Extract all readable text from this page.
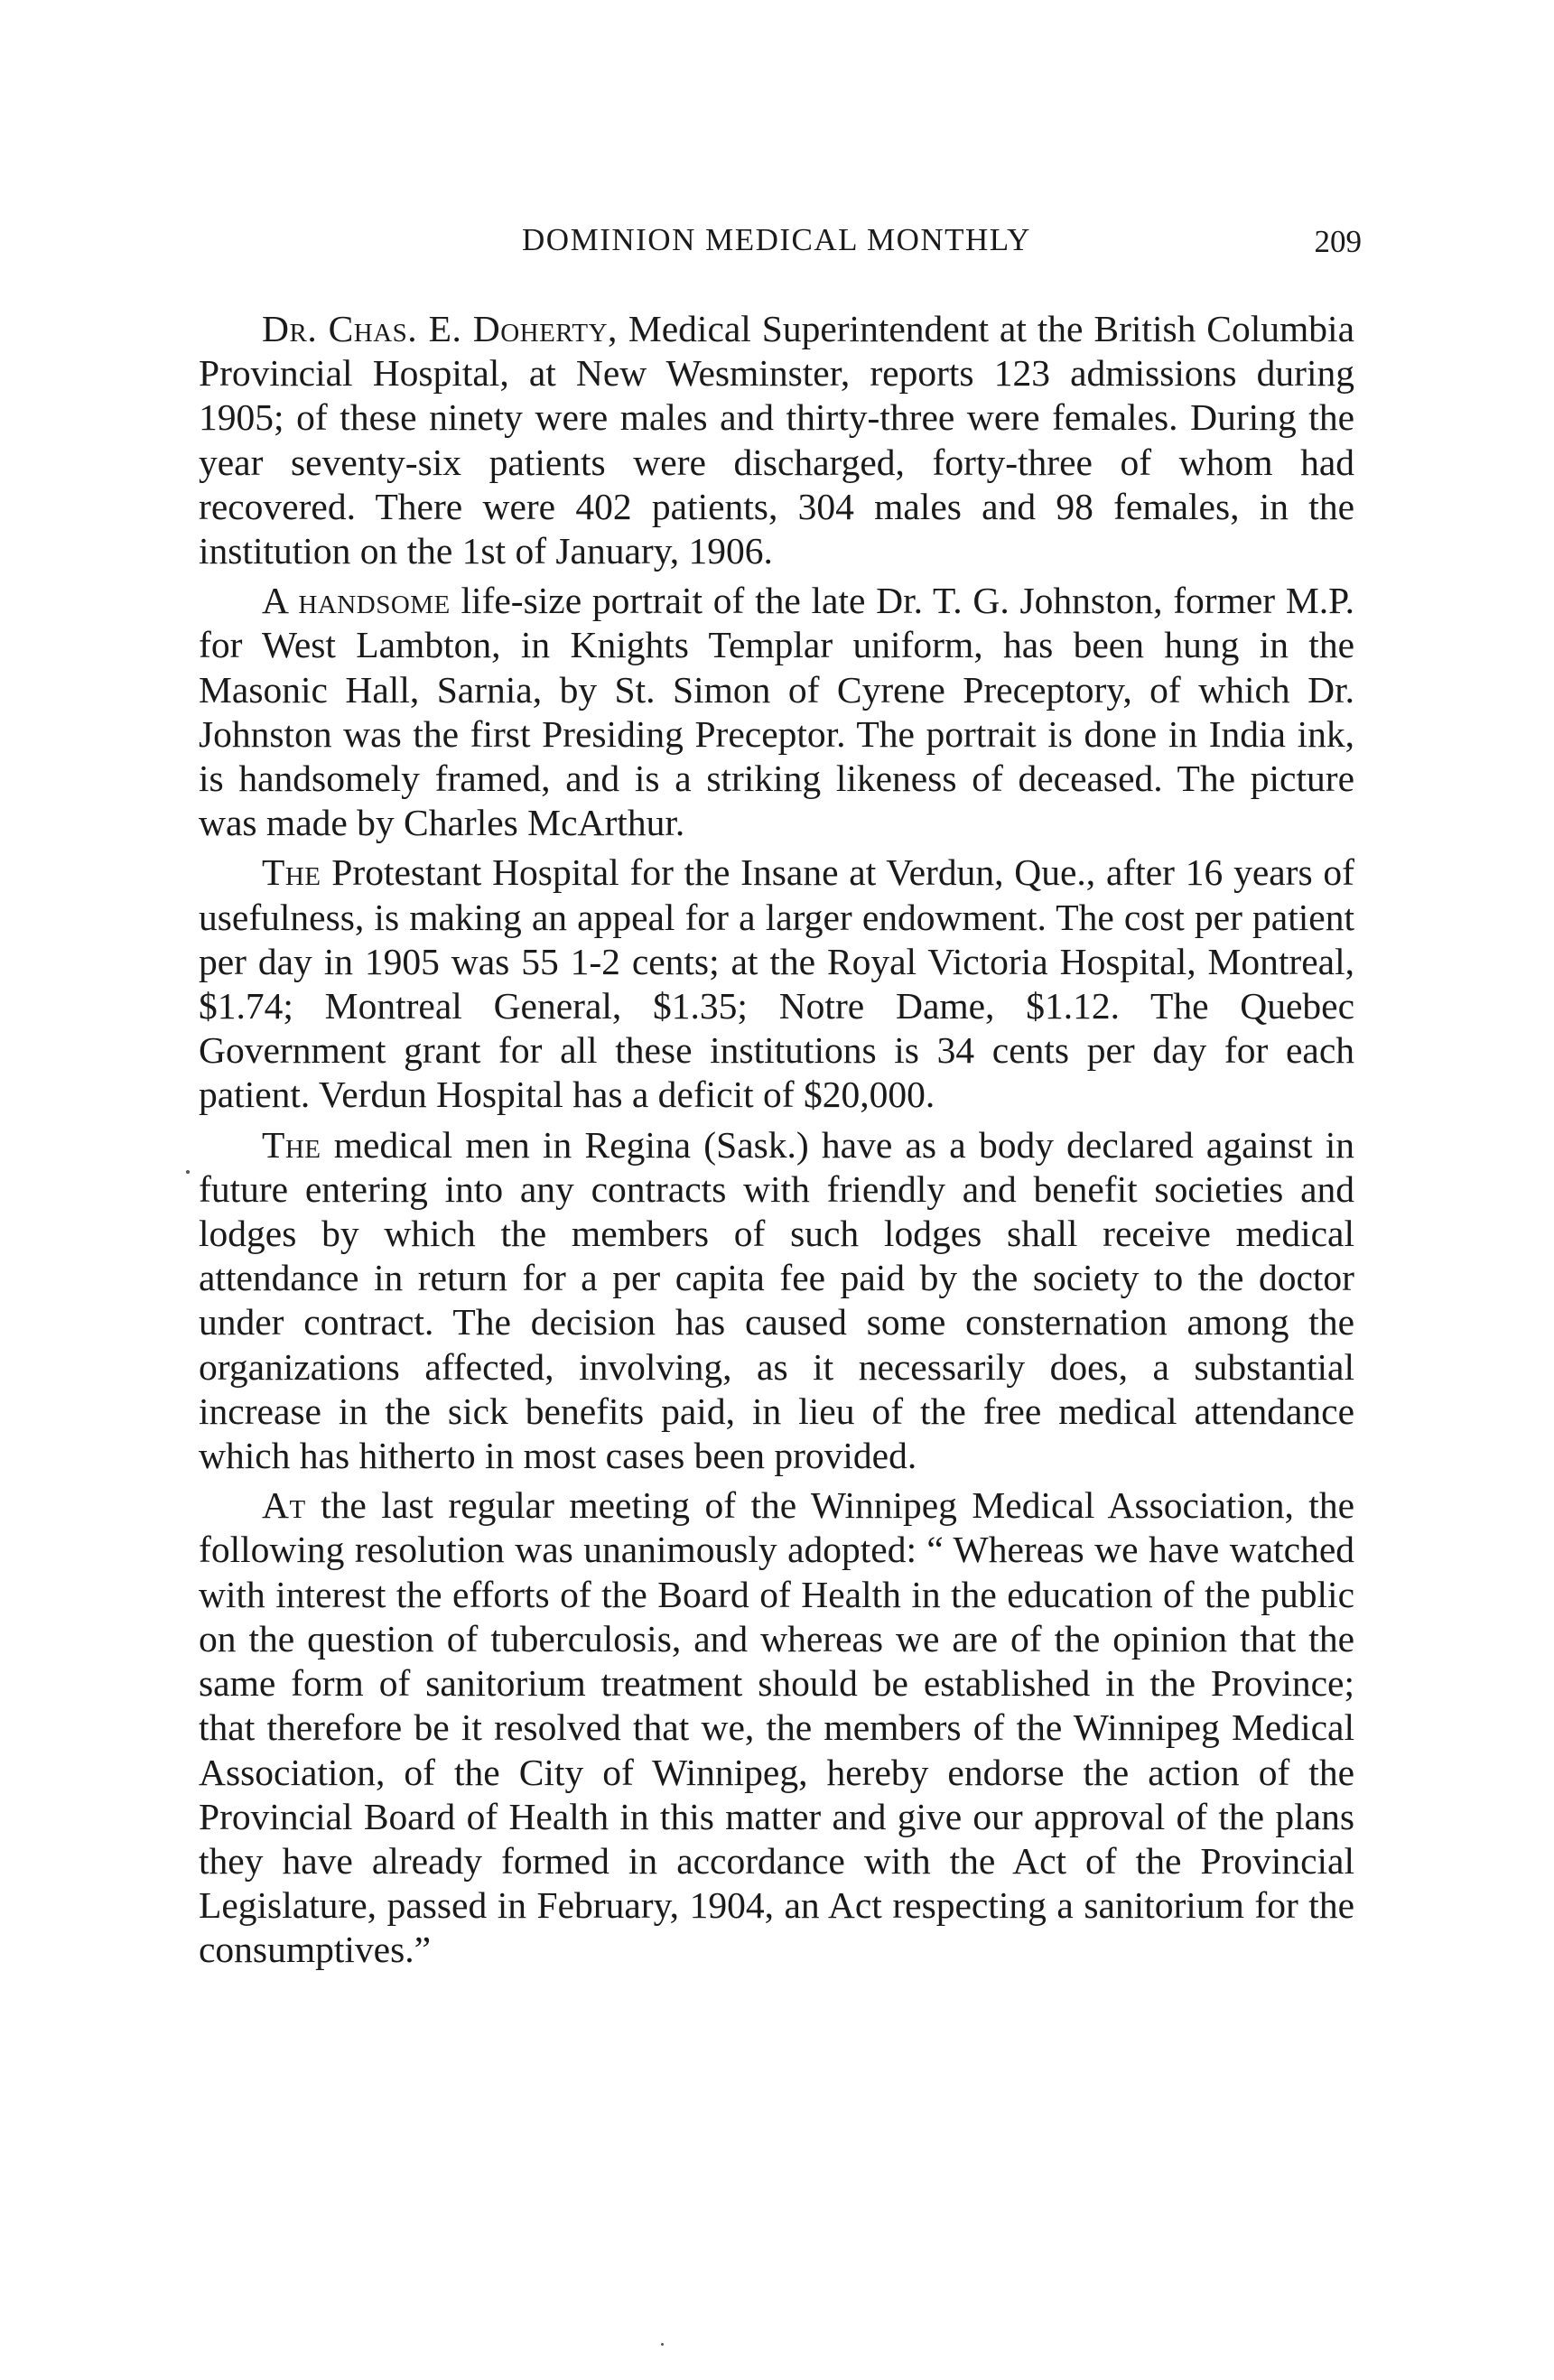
DOMINION MEDICAL MONTHLY	209

Dr. Chas. E. Doherty, Medical Superintendent at the British Columbia Provincial Hospital, at New Wesminster, reports 123 admissions during 1905; of these ninety were males and thirty-three were females. During the year seventy-six patients were discharged, forty-three of whom had recovered. There were 402 patients, 304 males and 98 females, in the institution on the 1st of January, 1906.

A handsome life-size portrait of the late Dr. T. G. Johnston, former M.P. for West Lambton, in Knights Templar uniform, has been hung in the Masonic Hall, Sarnia, by St. Simon of Cyrene Preceptory, of which Dr. Johnston was the first Presiding Preceptor. The portrait is done in India ink, is handsomely framed, and is a striking likeness of deceased. The picture was made by Charles McArthur.

The Protestant Hospital for the Insane at Verdun, Que., after 16 years of usefulness, is making an appeal for a larger endowment. The cost per patient per day in 1905 was 55 1-2 cents; at the Royal Victoria Hospital, Montreal, $1.74; Montreal General, $1.35; Notre Dame, $1.12. The Quebec Government grant for all these institutions is 34 cents per day for each patient. Verdun Hospital has a deficit of $20,000.

The medical men in Regina (Sask.) have as a body declared against in future entering into any contracts with friendly and benefit societies and lodges by which the members of such lodges shall receive medical attendance in return for a per capita fee paid by the society to the doctor under contract. The decision has caused some consternation among the organizations affected, involving, as it necessarily does, a substantial increase in the sick benefits paid, in lieu of the free medical attendance which has hitherto in most cases been provided.

At the last regular meeting of the Winnipeg Medical Association, the following resolution was unanimously adopted: “ Whereas we have watched with interest the efforts of the Board of Health in the education of the public on the question of tuberculosis, and whereas we are of the opinion that the same form of sanitorium treatment should be established in the Province; that therefore be it resolved that we, the members of the Winnipeg Medical Association, of the City of Winnipeg, hereby endorse the action of the Provincial Board of Health in this matter and give our approval of the plans they have already formed in accordance with the Act of the Provincial Legislature, passed in February, 1904, an Act respecting a sanitorium for the consumptives.”
